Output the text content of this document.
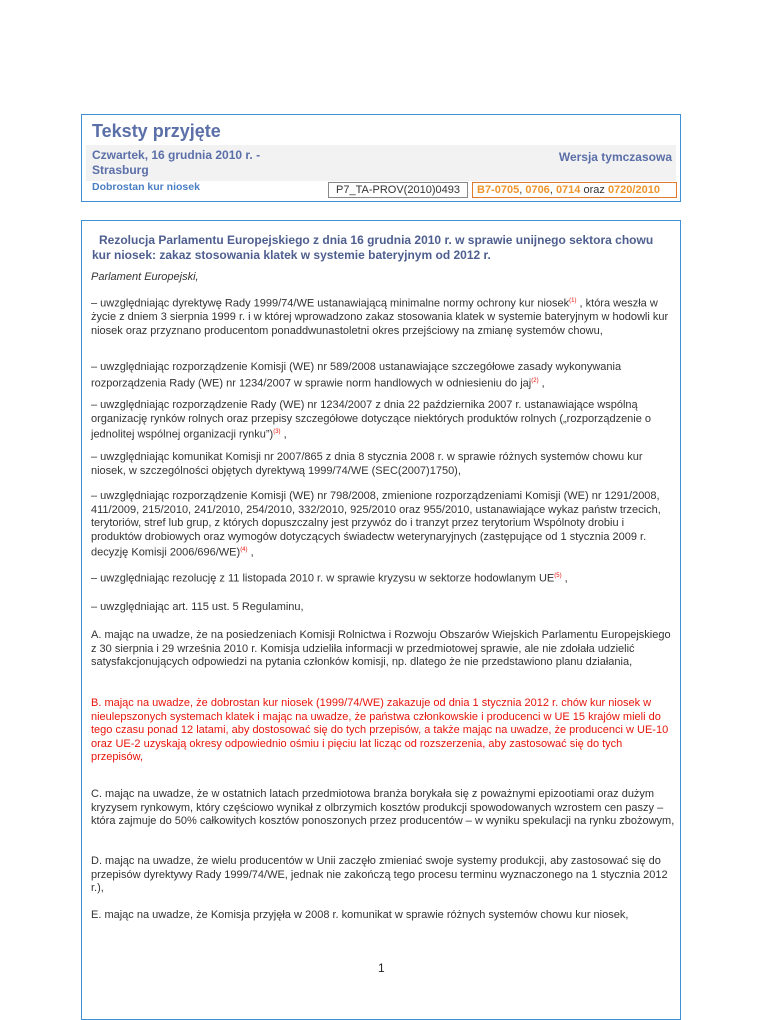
Teksty przyjęte
Czwartek, 16 grudnia 2010 r. -
Strasburg
Wersja tymczasowa
Dobrostan kur niosek	P7_TA-PROV(2010)0493	B7-0705, 0706, 0714 oraz 0720/2010
Rezolucja Parlamentu Europejskiego z dnia 16 grudnia 2010 r. w sprawie unijnego sektora chowu kur niosek: zakaz stosowania klatek w systemie bateryjnym od 2012 r.

Parlament Europejski,

– uwzględniając dyrektywę Rady 1999/74/WE ustanawiającą minimalne normy ochrony kur niosek$^{(1)}$ , która weszła w życie z dniem 3 sierpnia 1999 r. i w której wprowadzono zakaz stosowania klatek w systemie bateryjnym w hodowli kur niosek oraz przyznano producentom ponaddwunastoletni okres przejściowy na zmianę systemów chowu,

– uwzględniając rozporządzenie Komisji (WE) nr 589/2008 ustanawiające szczegółowe zasady wykonywania rozporządzenia Rady (WE) nr 1234/2007 w sprawie norm handlowych w odniesieniu do jaj$^{(2)}$ ,

– uwzględniając rozporządzenie Rady (WE) nr 1234/2007 z dnia 22 października 2007 r. ustanawiające wspólną organizację rynków rolnych oraz przepisy szczegółowe dotyczące niektórych produktów rolnych („rozporządzenie o jednolitej wspólnej organizacji rynku”)$^{(3)}$ ,

– uwzględniając komunikat Komisji nr 2007/865 z dnia 8 stycznia 2008 r. w sprawie różnych systemów chowu kur niosek, w szczególności objętych dyrektywą 1999/74/WE (SEC(2007)1750),

– uwzględniając rozporządzenie Komisji (WE) nr 798/2008, zmienione rozporządzeniami Komisji (WE) nr 1291/2008, 411/2009, 215/2010, 241/2010, 254/2010, 332/2010, 925/2010 oraz 955/2010, ustanawiające wykaz państw trzecich, terytoriów, stref lub grup, z których dopuszczalny jest przywóz do i tranzyt przez terytorium Wspólnoty drobiu i produktów drobiowych oraz wymogów dotyczących świadectw weterynaryjnych (zastępujące od 1 stycznia 2009 r. decyzję Komisji 2006/696/WE)$^{(4)}$ ,

– uwzględniając rezolucję z 11 listopada 2010 r. w sprawie kryzysu w sektorze hodowlanym UE$^{(5)}$ ,

– uwzględniając art. 115 ust. 5 Regulaminu,

A. mając na uwadze, że na posiedzeniach Komisji Rolnictwa i Rozwoju Obszarów Wiejskich Parlamentu Europejskiego z 30 sierpnia i 29 września 2010 r. Komisja udzieliła informacji w przedmiotowej sprawie, ale nie zdołała udzielić satysfakcjonujących odpowiedzi na pytania członków komisji, np. dlatego że nie przedstawiono planu działania,

B. mając na uwadze, że dobrostan kur niosek (1999/74/WE) zakazuje od dnia 1 stycznia 2012 r. chów kur niosek w nieulepszonych systemach klatek i mając na uwadze, że państwa członkowskie i producenci w UE 15 krajów mieli do tego czasu ponad 12 latami, aby dostosować się do tych przepisów, a także mając na uwadze, że producenci w UE-10 oraz UE-2 uzyskają okresy odpowiednio ośmiu i pięciu lat licząc od rozszerzenia, aby zastosować się do tych przepisów,

C. mając na uwadze, że w ostatnich latach przedmiotowa branża borykała się z poważnymi epizootiami oraz dużym kryzysem rynkowym, który częściowo wynikał z olbrzymich kosztów produkcji spowodowanych wzrostem cen paszy – która zajmuje do 50% całkowitych kosztów ponoszonych przez producentów – w wyniku spekulacji na rynku zbożowym,

D. mając na uwadze, że wielu producentów w Unii zaczęło zmieniać swoje systemy produkcji, aby zastosować się do przepisów dyrektywy Rady 1999/74/WE, jednak nie zakończą tego procesu terminu wyznaczonego na 1 stycznia 2012 r.),

E. mając na uwadze, że Komisja przyjęła w 2008 r. komunikat w sprawie różnych systemów chowu kur niosek,

1
